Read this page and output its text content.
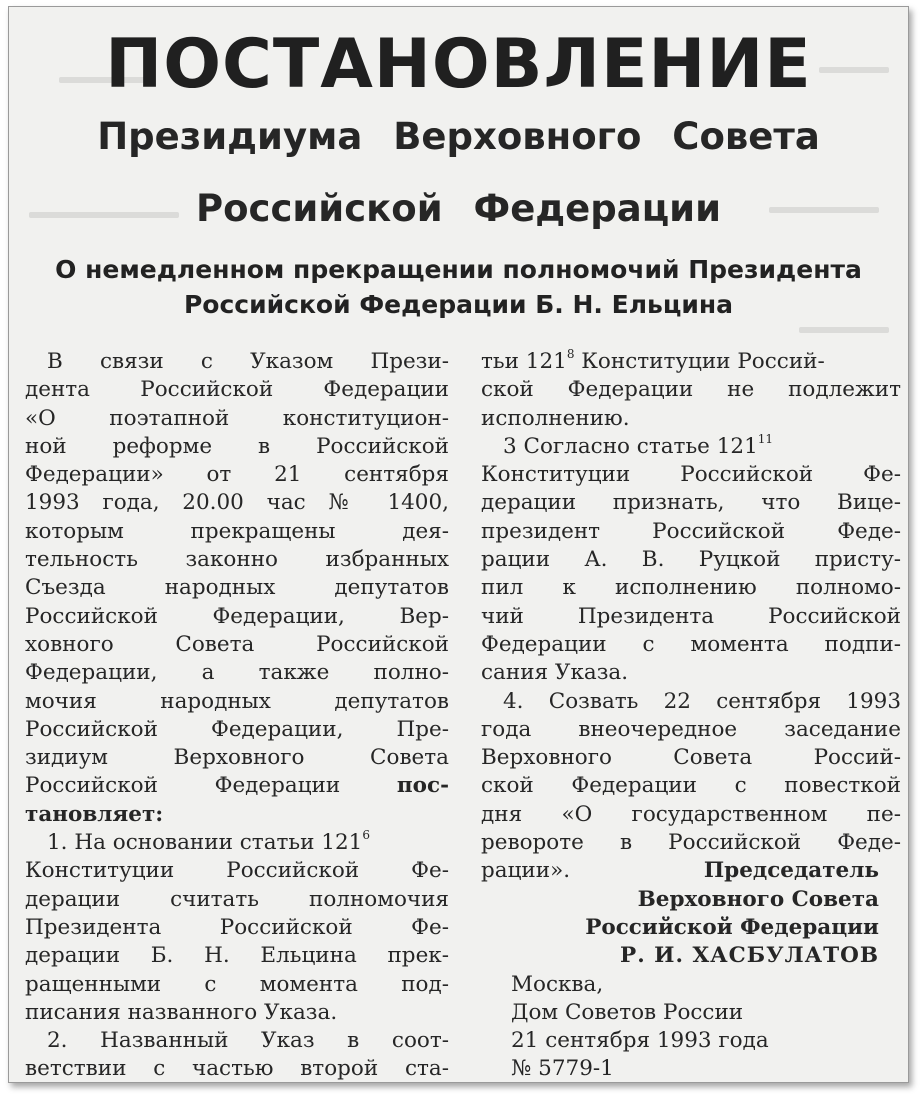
ПОСТАНОВЛЕНИЕ
Президиума Верховного Совета
Российской Федерации
О немедленном прекращении полномочий Президента
Российской Федерации Б. Н. Ельцина
В связи с Указом Прези-
дента Российской Федерации
«О поэтапной конституцион-
ной реформе в Российской
Федерации» от 21 сентября
1993 года, 20.00 час № 1400,
которым прекращены дея-
тельность законно избранных
Съезда народных депутатов
Российской Федерации, Вер-
ховного Совета Российской
Федерации, а также полно-
мочия народных депутатов
Российской Федерации, Пре-
зидиум Верховного Совета
Российской Федерации	пос-
тановляет:
1. На основании статьи $121^6$
Конституции Российской Фе-
дерации считать полномочия
Президента Российской Фе-
дерации Б. Н. Ельцина прек-
ращенными с момента под-
писания названного Указа.
2. Названный Указ в соот-
ветствии с частью второй ста-
тьи $121^8$ Конституции Россий-
ской Федерации не подлежит
исполнению.
3 Согласно статье $121^{11}$
Конституции Российской Фе-
дерации признать, что Вице-
президент Российской Феде-
рации А. В. Руцкой присту-
пил к исполнению полномо-
чий Президента Российской
Федерации с момента подпи-
сания Указа.
4. Созвать 22 сентября 1993
года внеочередное заседание
Верховного Совета Россий-
ской Федерации с повесткой
дня «О государственном пе-
ревороте в Российской Феде-
рации».	Председатель
Верховного Совета
Российской Федерации
Р. И. ХАСБУЛАТОВ
Москва,
Дом Советов России
21 сентября 1993 года
№ 5779-1
